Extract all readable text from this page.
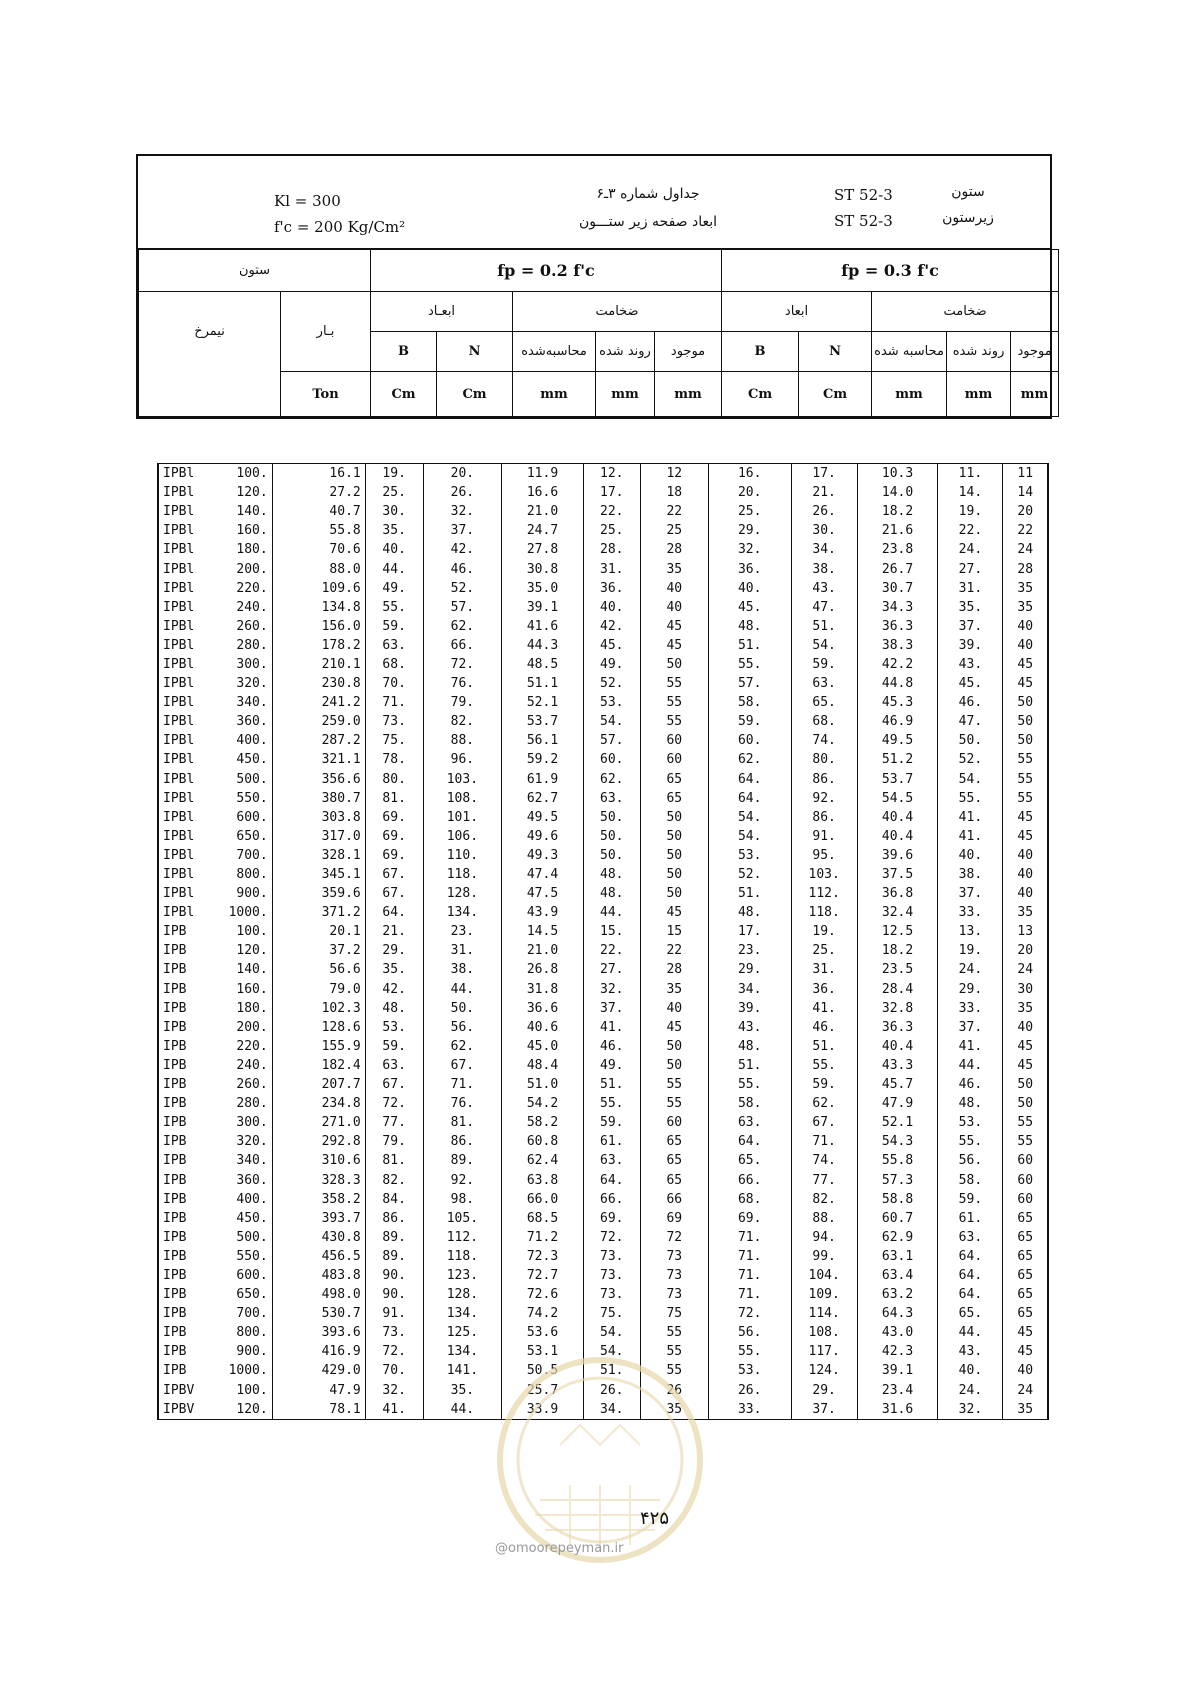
Kl = 300
f'c = 200 Kg/Cm²
جداول شماره ۳ـ۶
ابعاد صفحه زیر ستـــون
ST 52-3	ستون
ST 52-3	زیرستون
ستون		fp = 0.2 f'c					fp = 0.3 f'c				
نیمرخ	بـار	ابعـاد		ضخامت			ابعاد		ضخامت		
		B	N	محاسبه‌شده	روند شده	موجود	B	N	محاسبه شده	روند شده	موجود
	Ton	Cm	Cm	mm	mm	mm	Cm	Cm	mm	mm	mm
IPBl	100.	16.1	19.	20.	11.9	12.	12	16.	17.	10.3	11.	11
IPBl	120.	27.2	25.	26.	16.6	17.	18	20.	21.	14.0	14.	14
IPBl	140.	40.7	30.	32.	21.0	22.	22	25.	26.	18.2	19.	20
IPBl	160.	55.8	35.	37.	24.7	25.	25	29.	30.	21.6	22.	22
IPBl	180.	70.6	40.	42.	27.8	28.	28	32.	34.	23.8	24.	24
IPBl	200.	88.0	44.	46.	30.8	31.	35	36.	38.	26.7	27.	28
IPBl	220.	109.6	49.	52.	35.0	36.	40	40.	43.	30.7	31.	35
IPBl	240.	134.8	55.	57.	39.1	40.	40	45.	47.	34.3	35.	35
IPBl	260.	156.0	59.	62.	41.6	42.	45	48.	51.	36.3	37.	40
IPBl	280.	178.2	63.	66.	44.3	45.	45	51.	54.	38.3	39.	40
IPBl	300.	210.1	68.	72.	48.5	49.	50	55.	59.	42.2	43.	45
IPBl	320.	230.8	70.	76.	51.1	52.	55	57.	63.	44.8	45.	45
IPBl	340.	241.2	71.	79.	52.1	53.	55	58.	65.	45.3	46.	50
IPBl	360.	259.0	73.	82.	53.7	54.	55	59.	68.	46.9	47.	50
IPBl	400.	287.2	75.	88.	56.1	57.	60	60.	74.	49.5	50.	50
IPBl	450.	321.1	78.	96.	59.2	60.	60	62.	80.	51.2	52.	55
IPBl	500.	356.6	80.	103.	61.9	62.	65	64.	86.	53.7	54.	55
IPBl	550.	380.7	81.	108.	62.7	63.	65	64.	92.	54.5	55.	55
IPBl	600.	303.8	69.	101.	49.5	50.	50	54.	86.	40.4	41.	45
IPBl	650.	317.0	69.	106.	49.6	50.	50	54.	91.	40.4	41.	45
IPBl	700.	328.1	69.	110.	49.3	50.	50	53.	95.	39.6	40.	40
IPBl	800.	345.1	67.	118.	47.4	48.	50	52.	103.	37.5	38.	40
IPBl	900.	359.6	67.	128.	47.5	48.	50	51.	112.	36.8	37.	40
IPBl	1000.	371.2	64.	134.	43.9	44.	45	48.	118.	32.4	33.	35
IPB	100.	20.1	21.	23.	14.5	15.	15	17.	19.	12.5	13.	13
IPB	120.	37.2	29.	31.	21.0	22.	22	23.	25.	18.2	19.	20
IPB	140.	56.6	35.	38.	26.8	27.	28	29.	31.	23.5	24.	24
IPB	160.	79.0	42.	44.	31.8	32.	35	34.	36.	28.4	29.	30
IPB	180.	102.3	48.	50.	36.6	37.	40	39.	41.	32.8	33.	35
IPB	200.	128.6	53.	56.	40.6	41.	45	43.	46.	36.3	37.	40
IPB	220.	155.9	59.	62.	45.0	46.	50	48.	51.	40.4	41.	45
IPB	240.	182.4	63.	67.	48.4	49.	50	51.	55.	43.3	44.	45
IPB	260.	207.7	67.	71.	51.0	51.	55	55.	59.	45.7	46.	50
IPB	280.	234.8	72.	76.	54.2	55.	55	58.	62.	47.9	48.	50
IPB	300.	271.0	77.	81.	58.2	59.	60	63.	67.	52.1	53.	55
IPB	320.	292.8	79.	86.	60.8	61.	65	64.	71.	54.3	55.	55
IPB	340.	310.6	81.	89.	62.4	63.	65	65.	74.	55.8	56.	60
IPB	360.	328.3	82.	92.	63.8	64.	65	66.	77.	57.3	58.	60
IPB	400.	358.2	84.	98.	66.0	66.	66	68.	82.	58.8	59.	60
IPB	450.	393.7	86.	105.	68.5	69.	69	69.	88.	60.7	61.	65
IPB	500.	430.8	89.	112.	71.2	72.	72	71.	94.	62.9	63.	65
IPB	550.	456.5	89.	118.	72.3	73.	73	71.	99.	63.1	64.	65
IPB	600.	483.8	90.	123.	72.7	73.	73	71.	104.	63.4	64.	65
IPB	650.	498.0	90.	128.	72.6	73.	73	71.	109.	63.2	64.	65
IPB	700.	530.7	91.	134.	74.2	75.	75	72.	114.	64.3	65.	65
IPB	800.	393.6	73.	125.	53.6	54.	55	56.	108.	43.0	44.	45
IPB	900.	416.9	72.	134.	53.1	54.	55	55.	117.	42.3	43.	45
IPB	1000.	429.0	70.	141.	50.5	51.	55	53.	124.	39.1	40.	40
IPBV	100.	47.9	32.	35.	25.7	26.	26	26.	29.	23.4	24.	24
IPBV	120.	78.1	41.	44.	33.9	34.	35	33.	37.	31.6	32.	35
@omoorepeyman.ir
۴۲۵
